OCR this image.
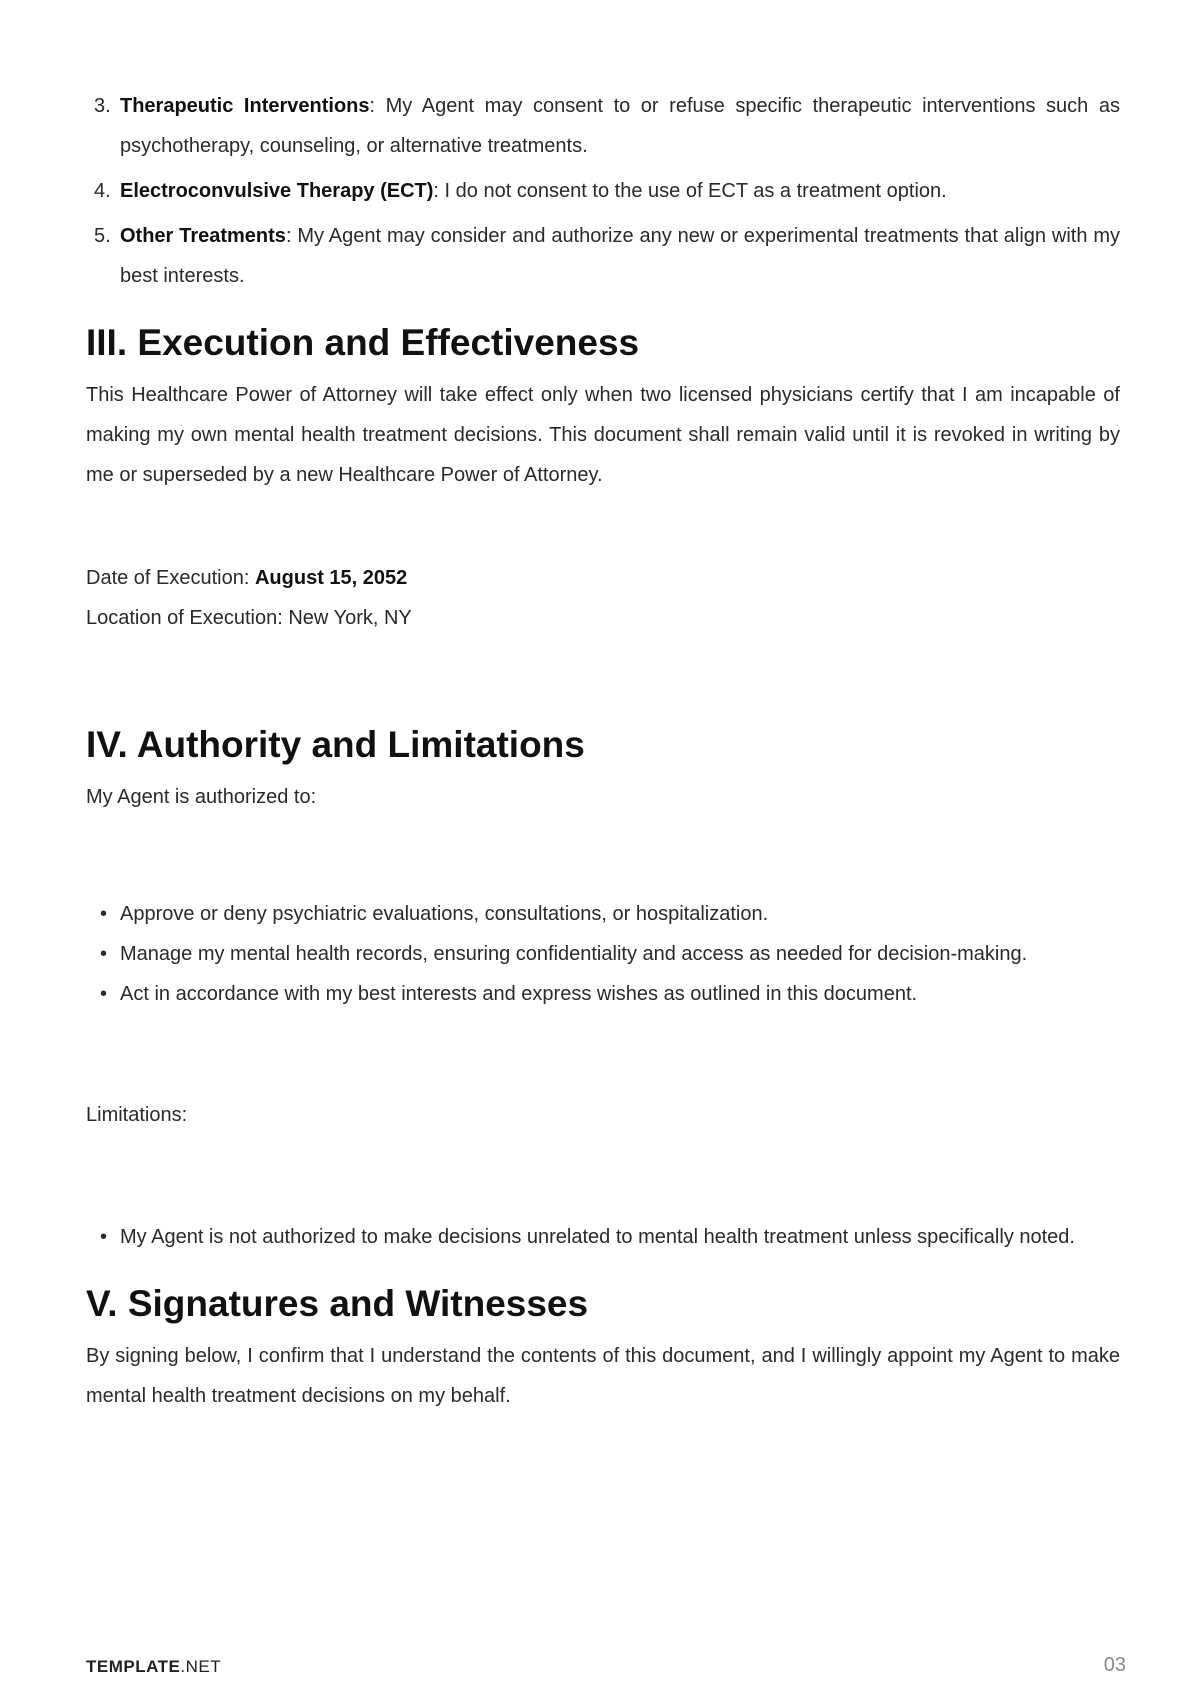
3. Therapeutic Interventions: My Agent may consent to or refuse specific therapeutic interventions such as psychotherapy, counseling, or alternative treatments.
4. Electroconvulsive Therapy (ECT): I do not consent to the use of ECT as a treatment option.
5. Other Treatments: My Agent may consider and authorize any new or experimental treatments that align with my best interests.
III. Execution and Effectiveness

This Healthcare Power of Attorney will take effect only when two licensed physicians certify that I am incapable of making my own mental health treatment decisions. This document shall remain valid until it is revoked in writing by me or superseded by a new Healthcare Power of Attorney.

Date of Execution: August 15, 2052

Location of Execution: New York, NY

IV. Authority and Limitations

My Agent is authorized to:

• Approve or deny psychiatric evaluations, consultations, or hospitalization.
• Manage my mental health records, ensuring confidentiality and access as needed for decision-making.
• Act in accordance with my best interests and express wishes as outlined in this document.

Limitations:

• My Agent is not authorized to make decisions unrelated to mental health treatment unless specifically noted.
V. Signatures and Witnesses

By signing below, I confirm that I understand the contents of this document, and I willingly appoint my Agent to make mental health treatment decisions on my behalf.

TEMPLATE.NET	03
